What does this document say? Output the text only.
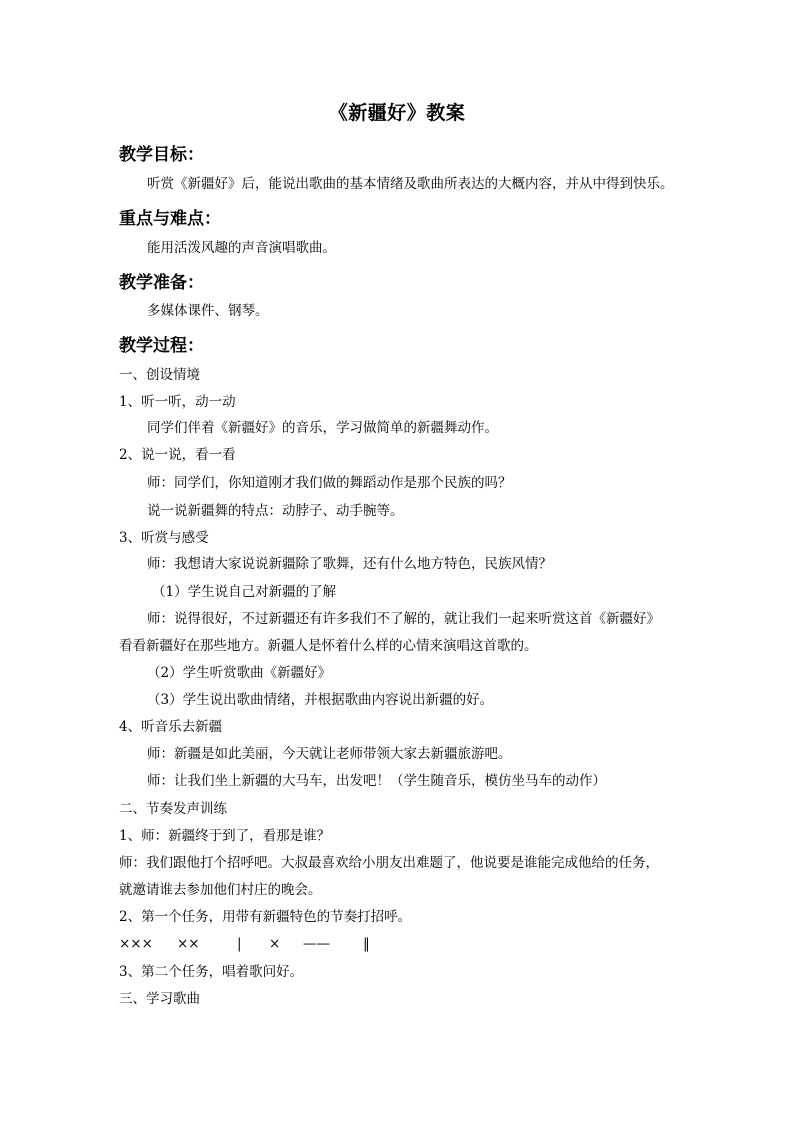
《新疆好》教案
教学目标：
听赏《新疆好》后，能说出歌曲的基本情绪及歌曲所表达的大概内容，并从中得到快乐。
重点与难点：
能用活泼风趣的声音演唱歌曲。
教学准备：
多媒体课件、钢琴。
教学过程：
一、创设情境
1、听一听，动一动
同学们伴着《新疆好》的音乐，学习做简单的新疆舞动作。
2、说一说，看一看
师：同学们，你知道刚才我们做的舞蹈动作是那个民族的吗？
说一说新疆舞的特点：动脖子、动手腕等。
3、听赏与感受
师：我想请大家说说新疆除了歌舞，还有什么地方特色，民族风情？
（1）学生说自己对新疆的了解
师：说得很好，不过新疆还有许多我们不了解的，就让我们一起来听赏这首《新疆好》
看看新疆好在那些地方。新疆人是怀着什么样的心情来演唱这首歌的。
（2）学生听赏歌曲《新疆好》
（3）学生说出歌曲情绪，并根据歌曲内容说出新疆的好。
4、听音乐去新疆
师：新疆是如此美丽，今天就让老师带领大家去新疆旅游吧。
师：让我们坐上新疆的大马车，出发吧！（学生随音乐，模仿坐马车的动作）
二、节奏发声训练
1、师：新疆终于到了，看那是谁？
师：我们跟他打个招呼吧。大叔最喜欢给小朋友出难题了，他说要是谁能完成他给的任务，
就邀请谁去参加他们村庄的晚会。
2、第一个任务，用带有新疆特色的节奏打招呼。
××× ××	| × —— ‖
3、第二个任务，唱着歌问好。
三、学习歌曲
